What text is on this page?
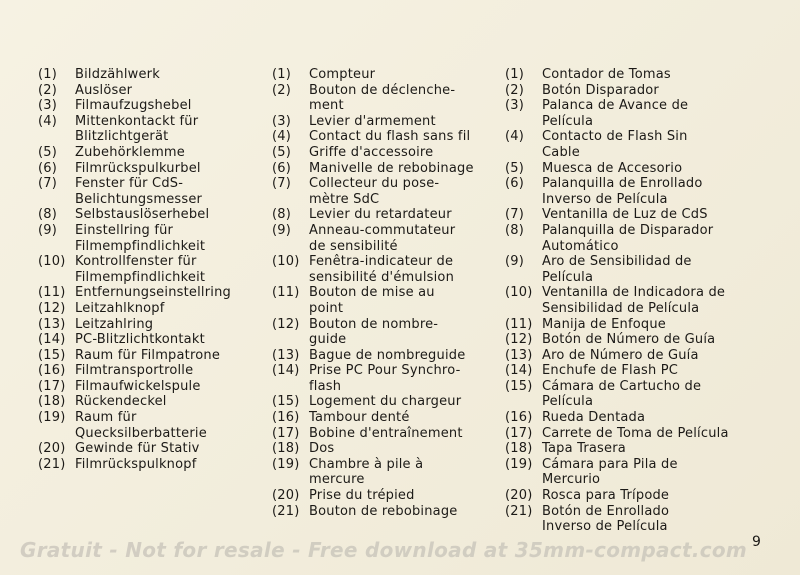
(1)	Bildzählwerk
(2)	Auslöser
(3)	Filmaufzugshebel
(4)	Mittenkontackt für
Blitzlichtgerät
(5)	Zubehörklemme
(6)	Filmrückspulkurbel
(7)	Fenster für CdS-
Belichtungsmesser
(8)	Selbstauslöserhebel
(9)	Einstellring für
Filmempfindlichkeit
(10) Kontrollfenster für
Filmempfindlichkeit
(11) Entfernungseinstellring
(12) Leitzahlknopf
(13) Leitzahlring
(14) PC-Blitzlichtkontakt
(15) Raum für Filmpatrone
(16) Filmtransportrolle
(17) Filmaufwickelspule
(18) Rückendeckel
(19) Raum für
Quecksilberbatterie
(20) Gewinde für Stativ
(21) Filmrückspulknopf
(1)	Compteur
(2)	Bouton de déclenche-
ment
(3)	Levier d'armement
(4)	Contact du flash sans fil
(5)	Griffe d'accessoire
(6)	Manivelle de rebobinage
(7)	Collecteur du pose-
mètre SdC
(8)	Levier du retardateur
(9)	Anneau-commutateur
de sensibilité
(10) Fenêtra-indicateur de
sensibilité d'émulsion
(11) Bouton de mise au
point
(12) Bouton de nombre-
guide
(13) Bague de nombreguide
(14) Prise PC Pour Synchro-
flash
(15) Logement du chargeur
(16) Tambour denté
(17) Bobine d'entraînement
(18) Dos
(19) Chambre à pile à
mercure
(20) Prise du trépied
(21) Bouton de rebobinage
(1)	Contador de Tomas
(2)	Botón Disparador
(3)	Palanca de Avance de
Película
(4)	Contacto de Flash Sin
Cable
(5)	Muesca de Accesorio
(6)	Palanquilla de Enrollado
Inverso de Película
(7)	Ventanilla de Luz de CdS
(8)	Palanquilla de Disparador
Automático
(9)	Aro de Sensibilidad de
Película
(10) Ventanilla de Indicadora de
Sensibilidad de Película
(11) Manija de Enfoque
(12) Botón de Número de Guía
(13) Aro de Número de Guía
(14) Enchufe de Flash PC
(15) Cámara de Cartucho de
Película
(16) Rueda Dentada
(17) Carrete de Toma de Película
(18) Tapa Trasera
(19) Cámara para Pila de
Mercurio
(20) Rosca para Trípode
(21) Botón de Enrollado
Inverso de Película
Gratuit - Not for resale - Free download at 35mm-compact.com 9
